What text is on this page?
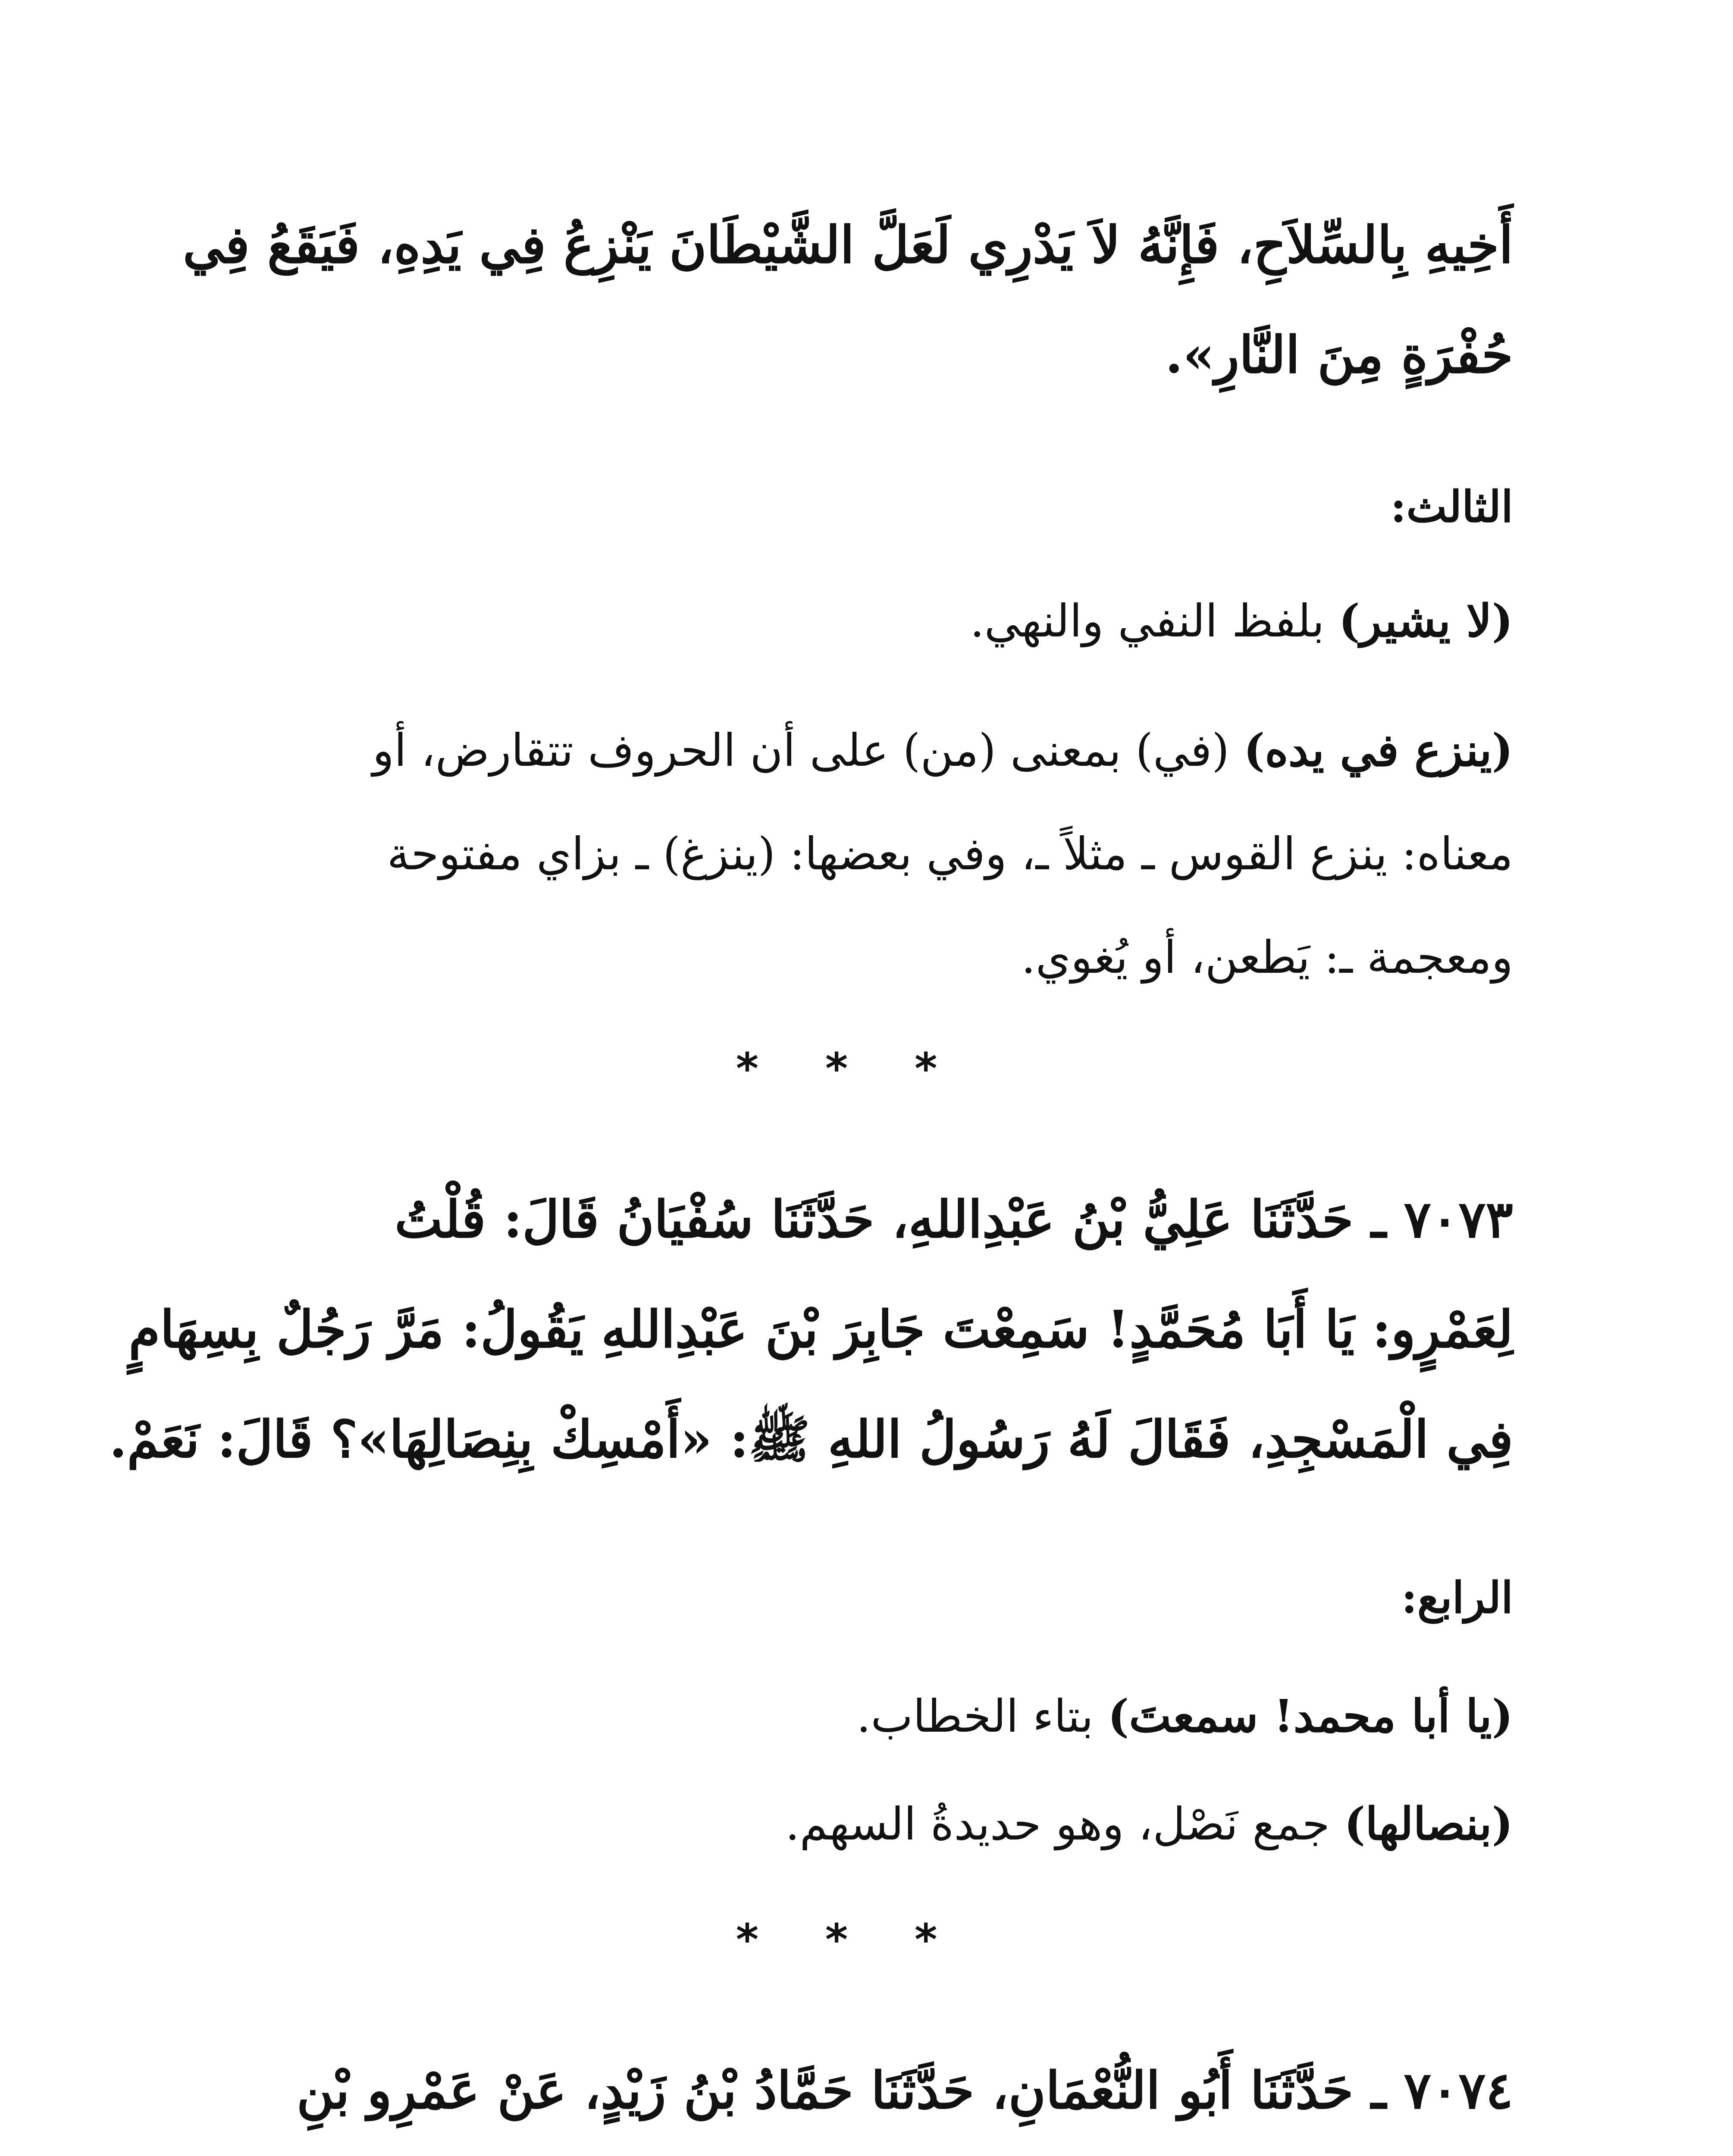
أَخِيهِ بِالسِّلاَحِ، فَإِنَّهُ لاَ يَدْرِي لَعَلَّ الشَّيْطَانَ يَنْزِعُ فِي يَدِهِ، فَيَقَعُ فِي
حُفْرَةٍ مِنَ النَّارِ».
الثالث:
(لا يشير) بلفظ النفي والنهي.
(ينزع في يده) (في) بمعنى (من) على أن الحروف تتقارض، أو
معناه: ينزع القوس ـ مثلاً ـ، وفي بعضها: (ينزغ) ـ بزاي مفتوحة
ومعجمة ـ: يَطعن، أو يُغوي.
* * *
٧٠٧٣ ـ حَدَّثَنَا عَلِيُّ بْنُ عَبْدِاللهِ، حَدَّثَنَا سُفْيَانُ قَالَ: قُلْتُ
لِعَمْرٍو: يَا أَبَا مُحَمَّدٍ! سَمِعْتَ جَابِرَ بْنَ عَبْدِاللهِ يَقُولُ: مَرَّ رَجُلٌ بِسِهَامٍ
فِي الْمَسْجِدِ، فَقَالَ لَهُ رَسُولُ اللهِ ﷺ: «أَمْسِكْ بِنِصَالِهَا»؟ قَالَ: نَعَمْ.
الرابع:
(يا أبا محمد! سمعتَ) بتاء الخطاب.
(بنصالها) جمع نَصْل، وهو حديدةُ السهم.
* * *
٧٠٧٤ ـ حَدَّثَنَا أَبُو النُّعْمَانِ، حَدَّثَنَا حَمَّادُ بْنُ زَيْدٍ، عَنْ عَمْرِو بْنِ
